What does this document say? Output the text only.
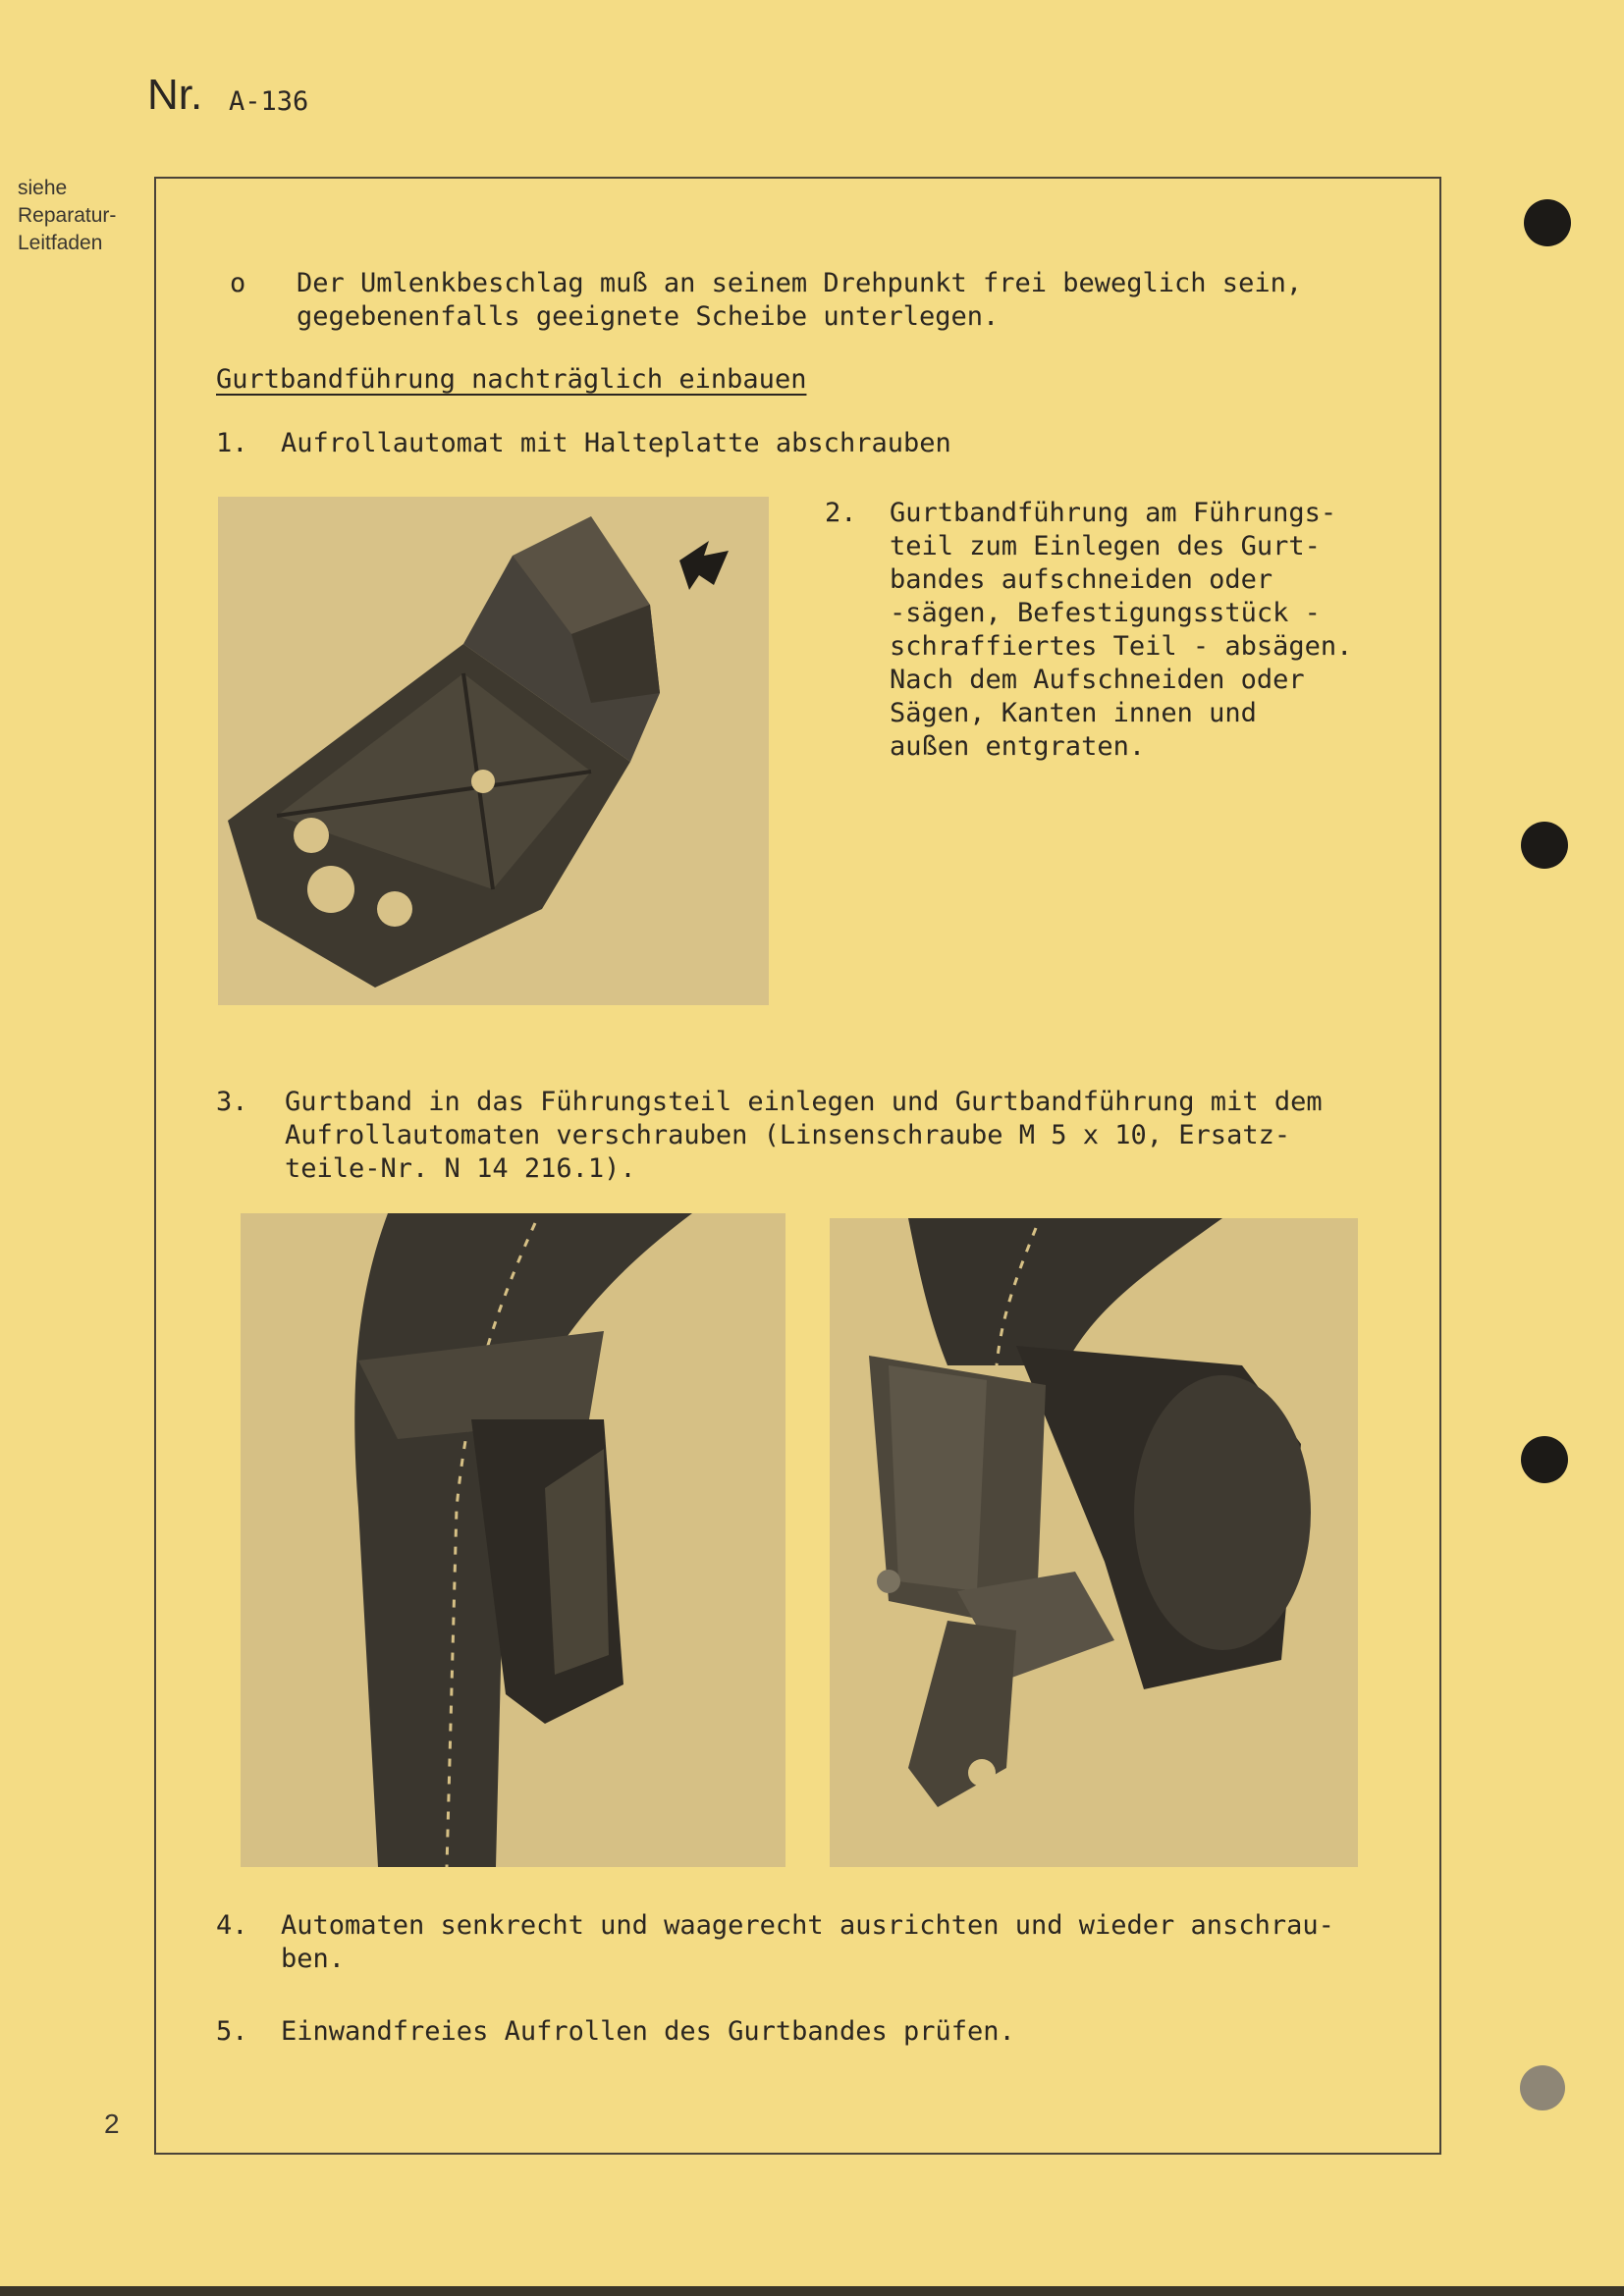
Nr. A-136
siehe
Reparatur-
Leitfaden
o Der Umlenkbeschlag muß an seinem Drehpunkt frei beweglich sein,
gegebenenfalls geeignete Scheibe unterlegen.
Gurtbandführung nachträglich einbauen
1. Aufrollautomat mit Halteplatte abschrauben
2. Gurtbandführung am Führungs-
teil zum Einlegen des Gurt-
bandes aufschneiden oder
-sägen, Befestigungsstück -
schraffiertes Teil - absägen.
Nach dem Aufschneiden oder
Sägen, Kanten innen und
außen entgraten.
3. Gurtband in das Führungsteil einlegen und Gurtbandführung mit dem
Aufrollautomaten verschrauben (Linsenschraube M 5 x 10, Ersatz-
teile-Nr. N 14 216.1).
4. Automaten senkrecht und waagerecht ausrichten und wieder anschrau-
ben.
5. Einwandfreies Aufrollen des Gurtbandes prüfen.
2
